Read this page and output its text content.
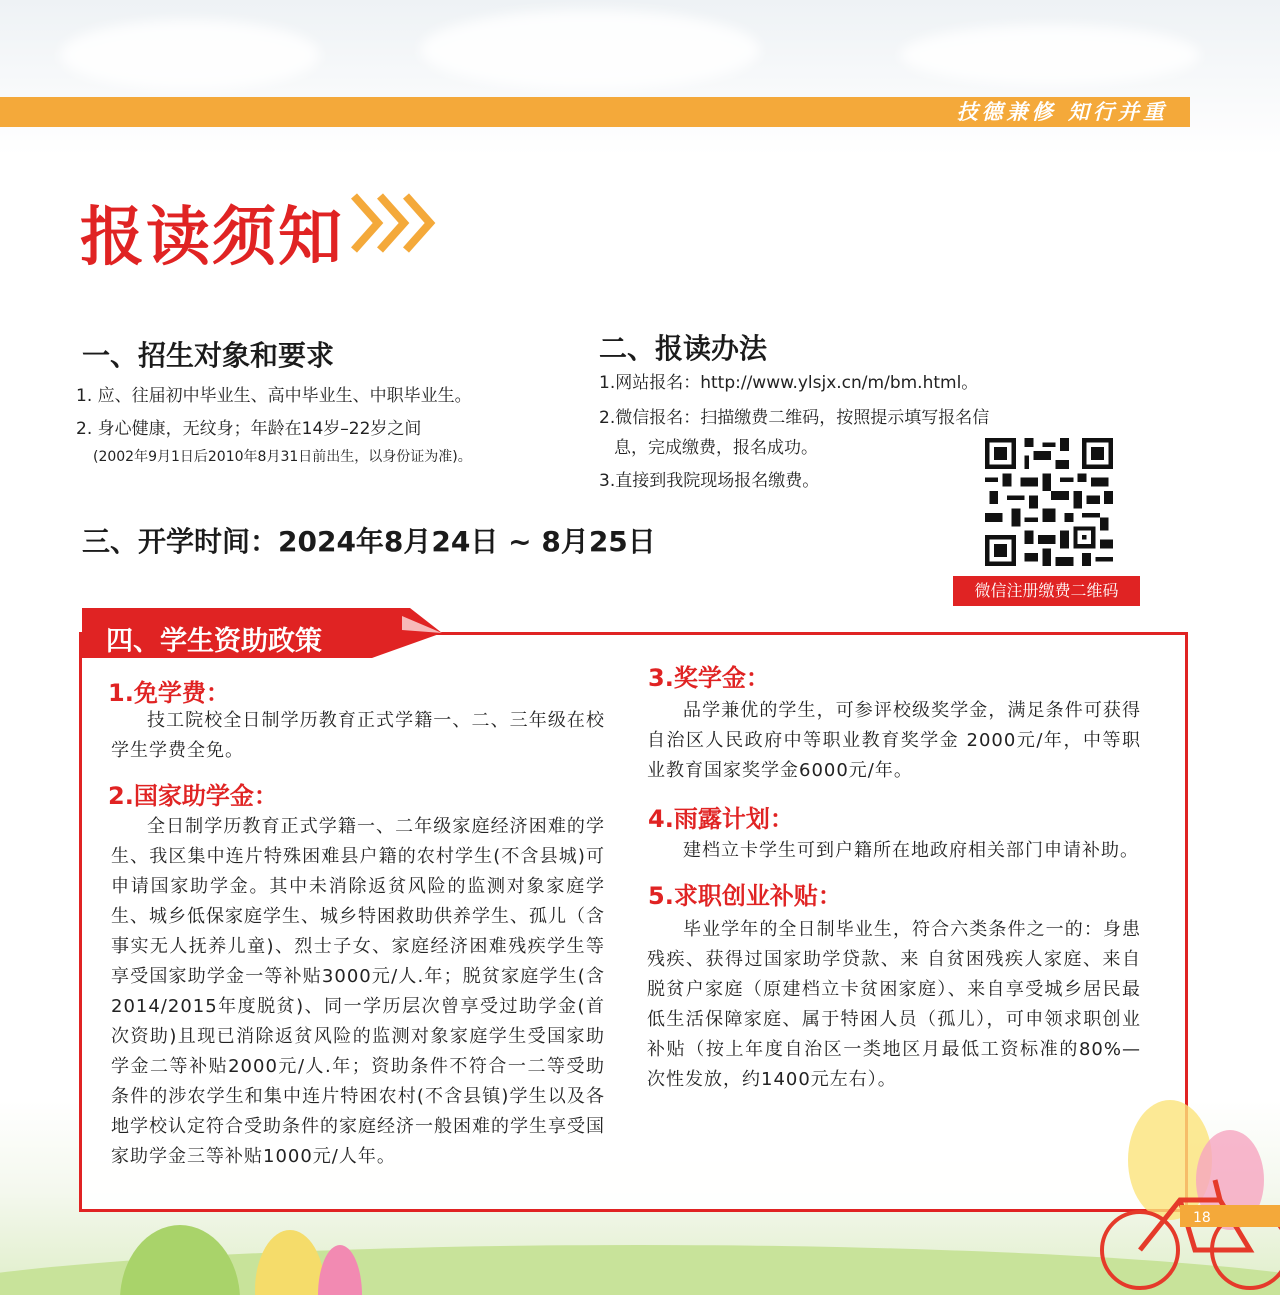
技德兼修 知行并重
报读须知
一、招生对象和要求
1. 应、往届初中毕业生、高中毕业生、中职毕业生。
2. 身心健康，无纹身；年龄在14岁–22岁之间
(2002年9月1日后2010年8月31日前出生，以身份证为准)。
二、报读办法
1.网站报名：http://www.ylsjx.cn/m/bm.html。
2.微信报名：扫描缴费二维码，按照提示填写报名信
息，完成缴费，报名成功。
3.直接到我院现场报名缴费。
微信注册缴费二维码
三、开学时间：2024年8月24日 ~ 8月25日
四、学生资助政策
1.免学费：
技工院校全日制学历教育正式学籍一、二、三年级在校学生学费全免。
2.国家助学金：
全日制学历教育正式学籍一、二年级家庭经济困难的学生、我区集中连片特殊困难县户籍的农村学生(不含县城)可申请国家助学金。其中未消除返贫风险的监测对象家庭学生、城乡低保家庭学生、城乡特困救助供养学生、孤儿（含事实无人抚养儿童)、烈士子女、家庭经济困难残疾学生等享受国家助学金一等补贴3000元/人.年；脱贫家庭学生(含2014/2015年度脱贫)、同一学历层次曾享受过助学金(首次资助)且现已消除返贫风险的监测对象家庭学生受国家助学金二等补贴2000元/人.年；资助条件不符合一二等受助条件的涉农学生和集中连片特困农村(不含县镇)学生以及各地学校认定符合受助条件的家庭经济一般困难的学生享受国家助学金三等补贴1000元/人年。
3.奖学金：
品学兼优的学生，可参评校级奖学金，满足条件可获得自治区人民政府中等职业教育奖学金 2000元/年，中等职业教育国家奖学金6000元/年。
4.雨露计划：
建档立卡学生可到户籍所在地政府相关部门申请补助。
5.求职创业补贴：
毕业学年的全日制毕业生，符合六类条件之一的：身患残疾、获得过国家助学贷款、来 自贫困残疾人家庭、来自脱贫户家庭（原建档立卡贫困家庭）、来自享受城乡居民最低生活保障家庭、属于特困人员（孤儿），可申领求职创业补贴（按上年度自治区一类地区月最低工资标准的80%—次性发放，约1400元左右）。
18
